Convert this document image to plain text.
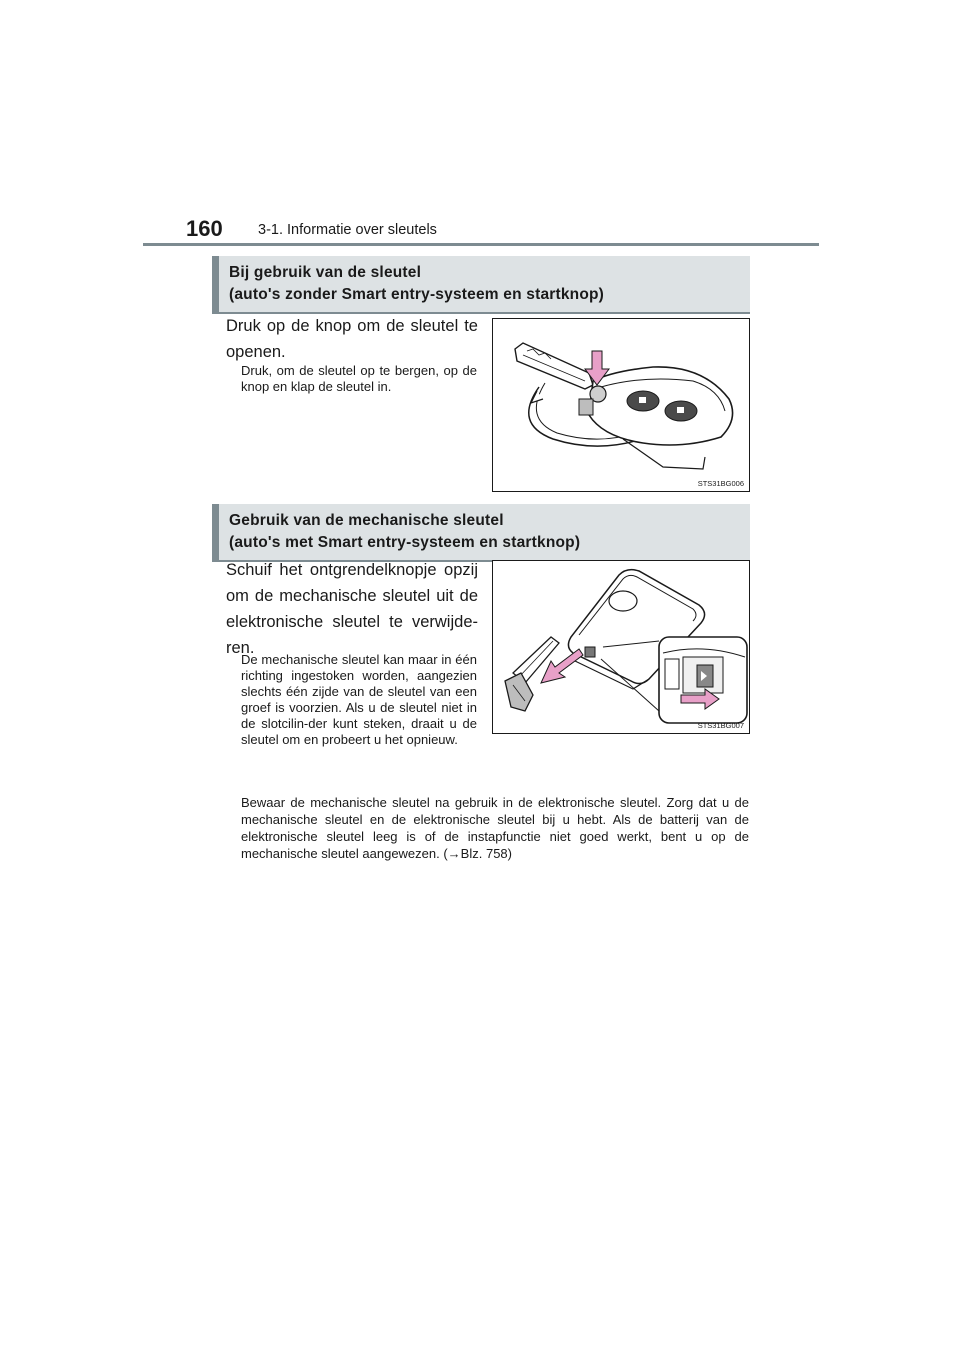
160 3-1. Informatie over sleutels
Bij gebruik van de sleutel
(auto's zonder Smart entry-systeem en startknop)
Druk op de knop om de sleutel te openen.
Druk, om de sleutel op te bergen, op de knop en klap de sleutel in.
STS31BG006
Gebruik van de mechanische sleutel
(auto's met Smart entry-systeem en startknop)
Schuif het ontgrendelknopje opzij om de mechanische sleutel uit de elektronische sleutel te verwijde-ren.
De mechanische sleutel kan maar in één richting ingestoken worden, aangezien slechts één zijde van de sleutel van een groef is voorzien. Als u de sleutel niet in de slotcilin-der kunt steken, draait u de sleutel om en probeert u het opnieuw.
STS31BG007
Bewaar de mechanische sleutel na gebruik in de elektronische sleutel. Zorg dat u de mechanische sleutel en de elektronische sleutel bij u hebt. Als de batterij van de elektronische sleutel leeg is of de instapfunctie niet goed werkt, bent u op de mechanische sleutel aangewezen. (→Blz. 758)
